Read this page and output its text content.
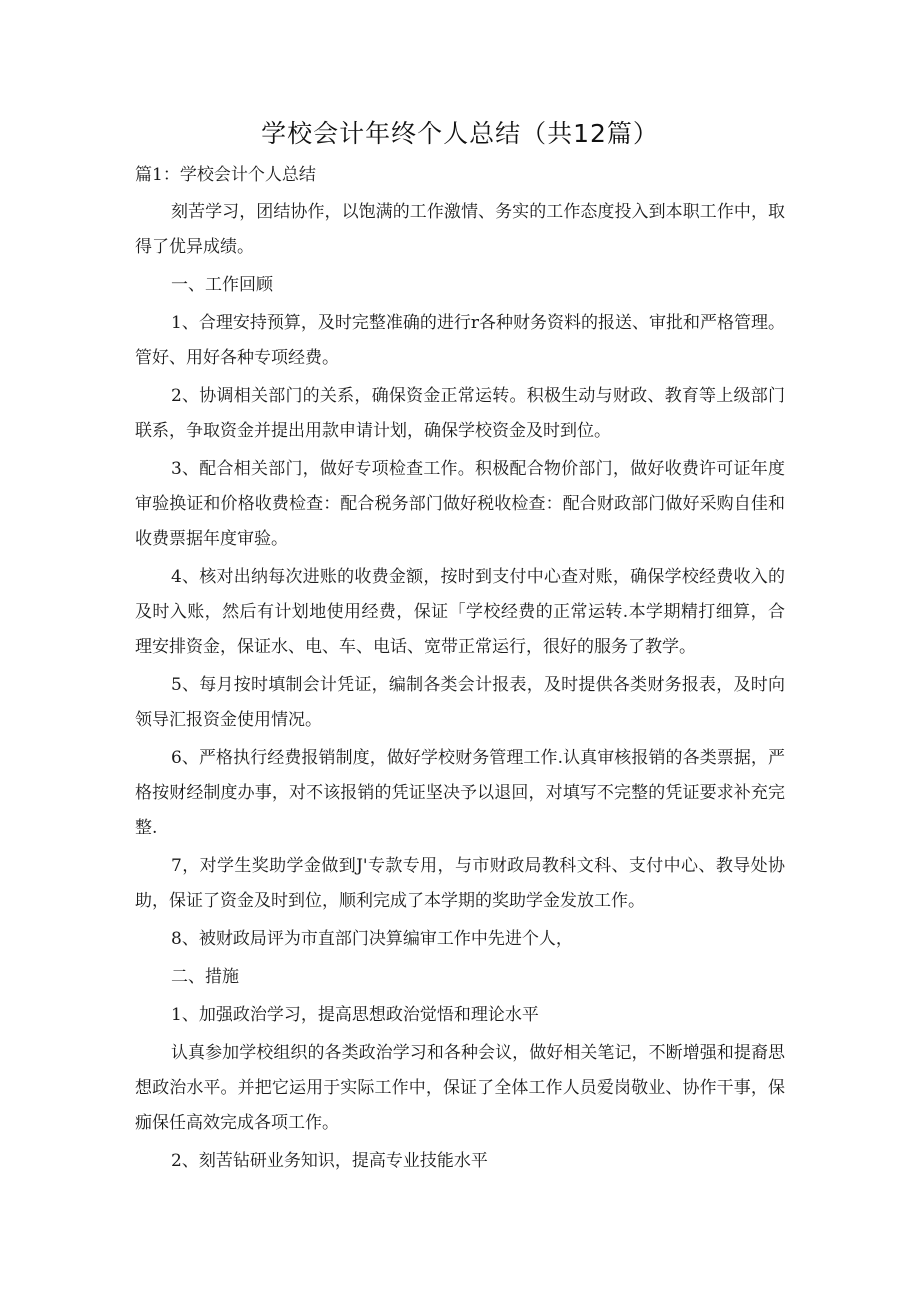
学校会计年终个人总结（共12篇）

篇1：学校会计个人总结

刻苦学习，团结协作，以饱满的工作激情、务实的工作态度投入到本职工作中，取得了优异成绩。

一、工作回顾

1、合理安持预算，及时完整准确的进行r各种财务资料的报送、审批和严格管理。管好、用好各种专项经费。

2、协调相关部门的关系，确保资金正常运转。积极生动与财政、教育等上级部门联系，争取资金并提出用款申请计划，确保学校资金及时到位。

3、配合相关部门，做好专项检查工作。积极配合物价部门，做好收费许可证年度审验换证和价格收费检查：配合税务部门做好税收检查：配合财政部门做好采购自佳和收费票据年度审验。

4、核对出纳每次进账的收费金额，按时到支付中心查对账，确保学校经费收入的及时入账，然后有计划地使用经费，保证「学校经费的正常运转.本学期精打细算，合理安排资金，保证水、电、车、电话、宽带正常运行，很好的服务了教学。

5、每月按时填制会计凭证，编制各类会计报表，及时提供各类财务报表，及时向领导汇报资金使用情况。

6、严格执行经费报销制度，做好学校财务管理工作.认真审核报销的各类票据，严格按财经制度办事，对不该报销的凭证坚决予以退回，对填写不完整的凭证要求补充完整.

7，对学生奖助学金做到J'专款专用，与市财政局教科文科、支付中心、教导处协助，保证了资金及时到位，顺利完成了本学期的奖助学金发放工作。

8、被财政局评为市直部门决算编审工作中先进个人，

二、措施

1、加强政治学习，提高思想政治觉悟和理论水平

认真参加学校组织的各类政治学习和各种会议，做好相关笔记，不断增强和提裔思想政治水平。并把它运用于实际工作中，保证了全体工作人员爱岗敬业、协作干事，保痂保任高效完成各项工作。

2、刻苦钻研业务知识，提高专业技能水平
